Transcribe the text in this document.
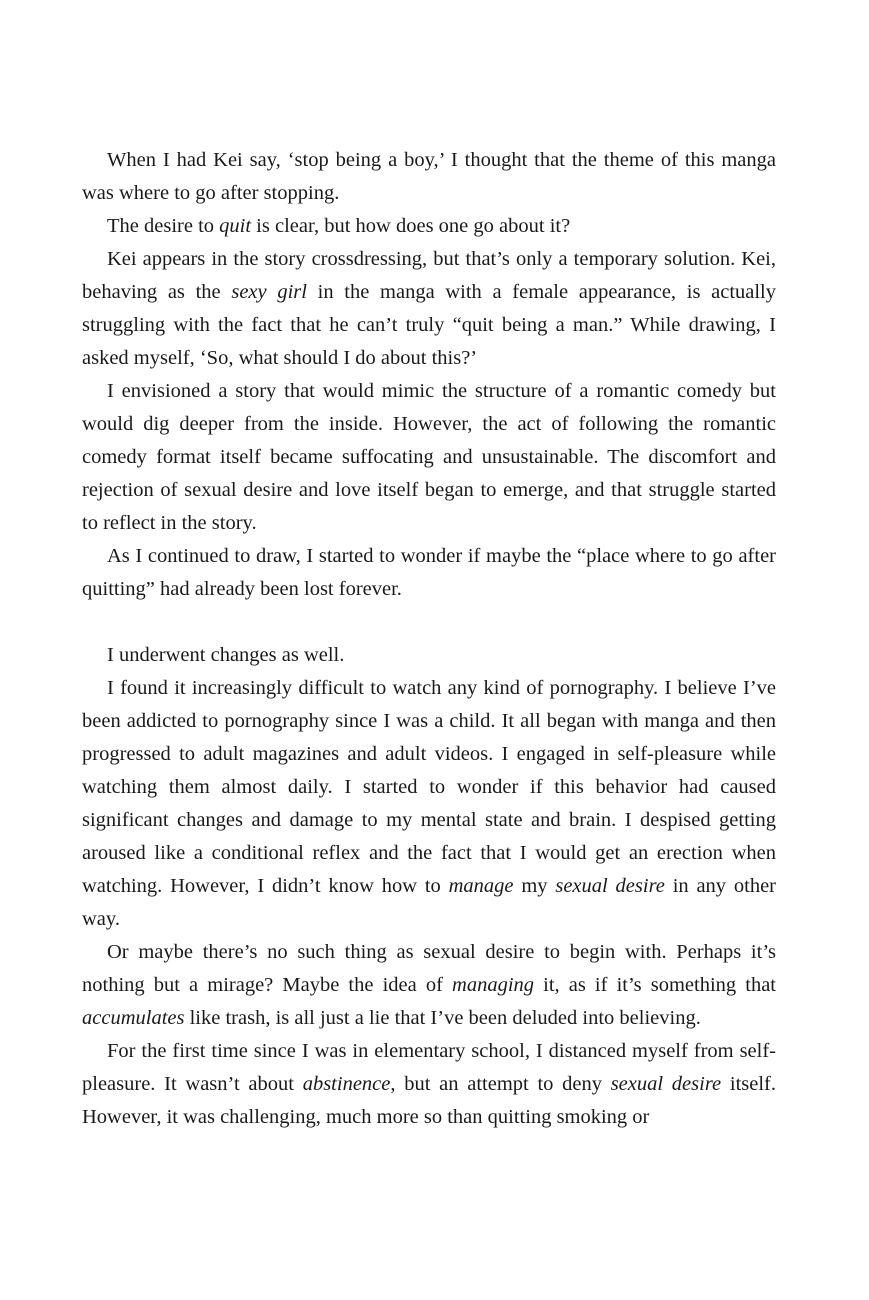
When I had Kei say, ‘stop being a boy,’ I thought that the theme of this manga was where to go after stopping.

The desire to quit is clear, but how does one go about it?

Kei appears in the story crossdressing, but that’s only a temporary solution. Kei, behaving as the sexy girl in the manga with a female appearance, is actually struggling with the fact that he can’t truly “quit being a man.” While drawing, I asked myself, ‘So, what should I do about this?’

I envisioned a story that would mimic the structure of a romantic comedy but would dig deeper from the inside. However, the act of following the romantic comedy format itself became suffocating and unsustainable. The discomfort and rejection of sexual desire and love itself began to emerge, and that struggle started to reflect in the story.

As I continued to draw, I started to wonder if maybe the “place where to go after quitting” had already been lost forever.

I underwent changes as well.

I found it increasingly difficult to watch any kind of pornography. I believe I’ve been addicted to pornography since I was a child. It all began with manga and then progressed to adult magazines and adult videos. I engaged in self-pleasure while watching them almost daily. I started to wonder if this behavior had caused significant changes and damage to my mental state and brain. I despised getting aroused like a conditional reflex and the fact that I would get an erection when watching. However, I didn’t know how to manage my sexual desire in any other way.

Or maybe there’s no such thing as sexual desire to begin with. Perhaps it’s nothing but a mirage? Maybe the idea of managing it, as if it’s something that accumulates like trash, is all just a lie that I’ve been deluded into believing.

For the first time since I was in elementary school, I distanced myself from self-pleasure. It wasn’t about abstinence, but an attempt to deny sexual desire itself. However, it was challenging, much more so than quitting smoking or
